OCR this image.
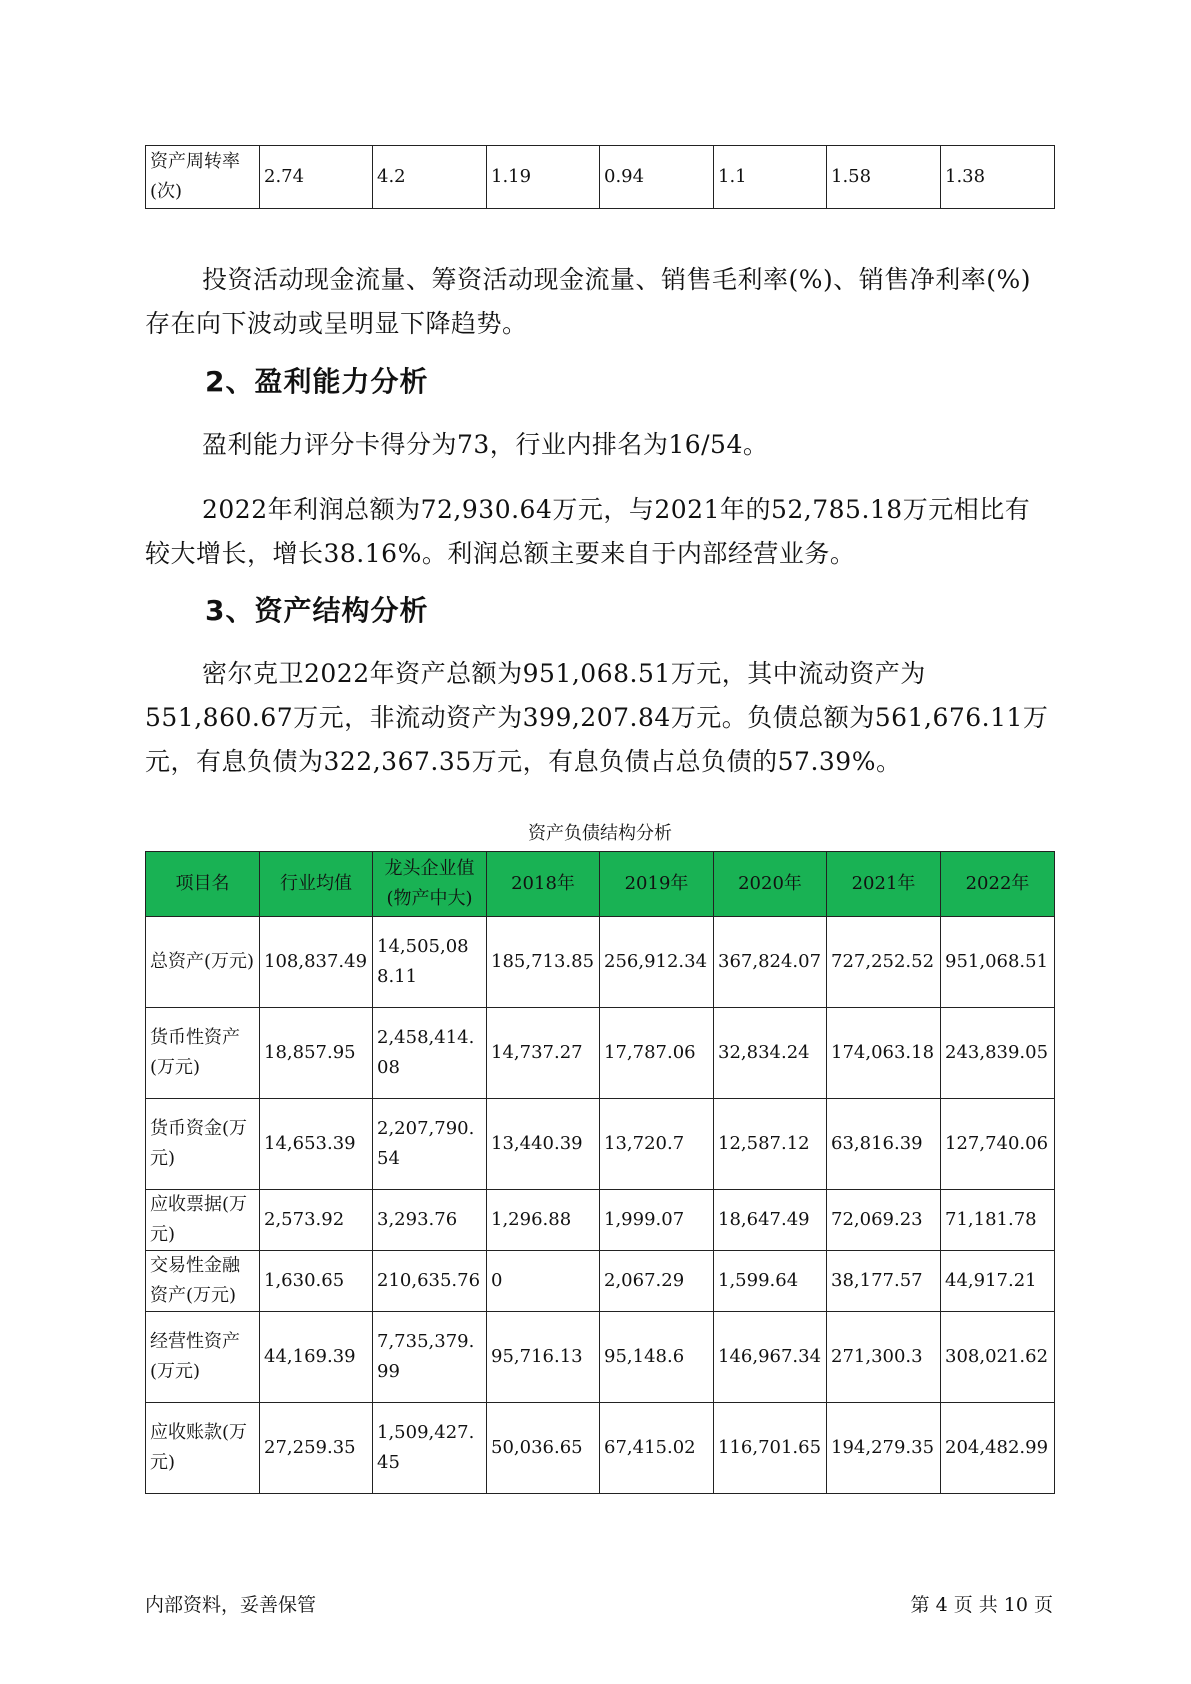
资产周转率(次)	2.74	4.2	1.19	0.94	1.1	1.58	1.38

投资活动现金流量、筹资活动现金流量、销售毛利率(%)、销售净利率(%)存在向下波动或呈明显下降趋势。

2、盈利能力分析

盈利能力评分卡得分为73，行业内排名为16/54。

2022年利润总额为72,930.64万元，与2021年的52,785.18万元相比有较大增长，增长38.16%。利润总额主要来自于内部经营业务。

3、资产结构分析

密尔克卫2022年资产总额为951,068.51万元，其中流动资产为551,860.67万元，非流动资产为399,207.84万元。负债总额为561,676.11万元，有息负债为322,367.35万元，有息负债占总负债的57.39%。

资产负债结构分析
项目名	行业均值	龙头企业值(物产中大)	2018年	2019年	2020年	2021年	2022年
总资产(万元)	108,837.49	14,505,088.11	185,713.85	256,912.34	367,824.07	727,252.52	951,068.51
货币性资产(万元)	18,857.95	2,458,414.08	14,737.27	17,787.06	32,834.24	174,063.18	243,839.05
货币资金(万元)	14,653.39	2,207,790.54	13,440.39	13,720.7	12,587.12	63,816.39	127,740.06
应收票据(万元)	2,573.92	3,293.76	1,296.88	1,999.07	18,647.49	72,069.23	71,181.78
交易性金融资产(万元)	1,630.65	210,635.76	0	2,067.29	1,599.64	38,177.57	44,917.21
经营性资产(万元)	44,169.39	7,735,379.99	95,716.13	95,148.6	146,967.34	271,300.3	308,021.62
应收账款(万元)	27,259.35	1,509,427.45	50,036.65	67,415.02	116,701.65	194,279.35	204,482.99
内部资料，妥善保管	第 4 页 共 10 页
